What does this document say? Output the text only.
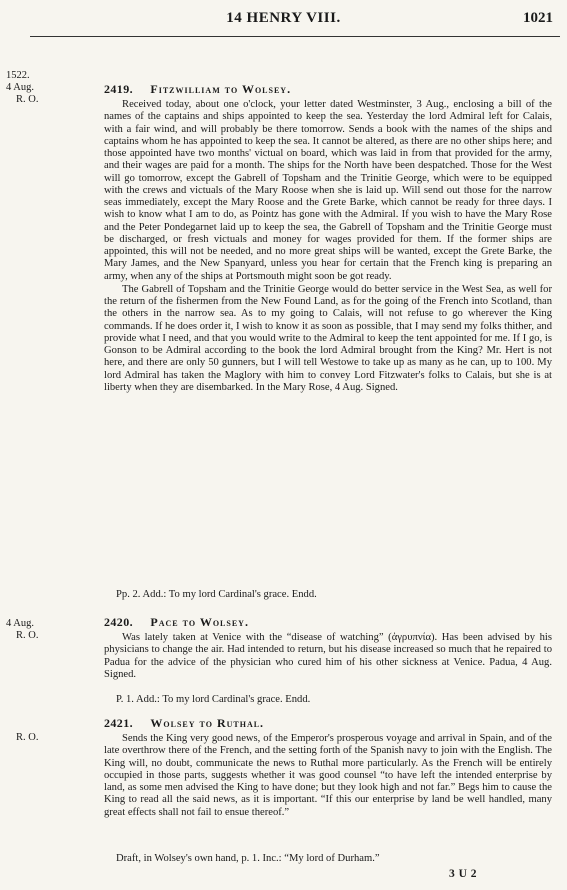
14 HENRY VIII.	1021
1522.
4 Aug.
R. O.
2419. Fitzwilliam to Wolsey.

Received today, about one o'clock, your letter dated Westminster, 3 Aug., enclosing a bill of the names of the captains and ships appointed to keep the sea. Yesterday the lord Admiral left for Calais, with a fair wind, and will probably be there tomorrow. Sends a book with the names of the ships and captains whom he has appointed to keep the sea. It cannot be altered, as there are no other ships here; and those appointed have two months' victual on board, which was laid in from that provided for the army, and their wages are paid for a month. The ships for the North have been despatched. Those for the West will go tomorrow, except the Gabrell of Topsham and the Trinitie George, which were to be equipped with the crews and victuals of the Mary Roose when she is laid up. Will send out those for the narrow seas immediately, except the Mary Roose and the Grete Barke, which cannot be ready for three days. I wish to know what I am to do, as Pointz has gone with the Admiral. If you wish to have the Mary Rose and the Peter Pondegarnet laid up to keep the sea, the Gabrell of Topsham and the Trinitie George must be discharged, or fresh victuals and money for wages provided for them. If the former ships are appointed, this will not be needed, and no more great ships will be wanted, except the Grete Barke, the Mary James, and the New Spanyard, unless you hear for certain that the French king is preparing an army, when any of the ships at Portsmouth might soon be got ready.

The Gabrell of Topsham and the Trinitie George would do better service in the West Sea, as well for the return of the fishermen from the New Found Land, as for the going of the French into Scotland, than the others in the narrow sea. As to my going to Calais, will not refuse to go wherever the King commands. If he does order it, I wish to know it as soon as possible, that I may send my folks thither, and provide what I need, and that you would write to the Admiral to keep the tent appointed for me. If I go, is Gonson to be Admiral according to the book the lord Admiral brought from the King? Mr. Hert is not here, and there are only 50 gunners, but I will tell Westowe to take up as many as he can, up to 100. My lord Admiral has taken the Maglory with him to convey Lord Fitzwater's folks to Calais, but she is at liberty when they are disembarked. In the Mary Rose, 4 Aug. Signed.

Pp. 2. Add.: To my lord Cardinal's grace. Endd.
4 Aug.
R. O.
2420. Pace to Wolsey.

Was lately taken at Venice with the “disease of watching” (ἀγρυπνία). Has been advised by his physicians to change the air. Had intended to return, but his disease increased so much that he repaired to Padua for the advice of the physician who cured him of his other sickness at Venice. Padua, 4 Aug. Signed.

P. 1. Add.: To my lord Cardinal's grace. Endd.
R. O.
2421. Wolsey to Ruthal.

Sends the King very good news, of the Emperor's prosperous voyage and arrival in Spain, and of the late overthrow there of the French, and the setting forth of the Spanish navy to join with the English. The King will, no doubt, communicate the news to Ruthal more particularly. As the French will be entirely occupied in those parts, suggests whether it was good counsel “to have left the intended enterprise by land, as some men advised the King to have done; but they look high and not far.” Begs him to cause the King to read all the said news, as it is important. “If this our enterprise by land be well handled, many great effects shall not fail to ensue thereof.”

Draft, in Wolsey's own hand, p. 1. Inc.: “My lord of Durham.”
3 U 2
